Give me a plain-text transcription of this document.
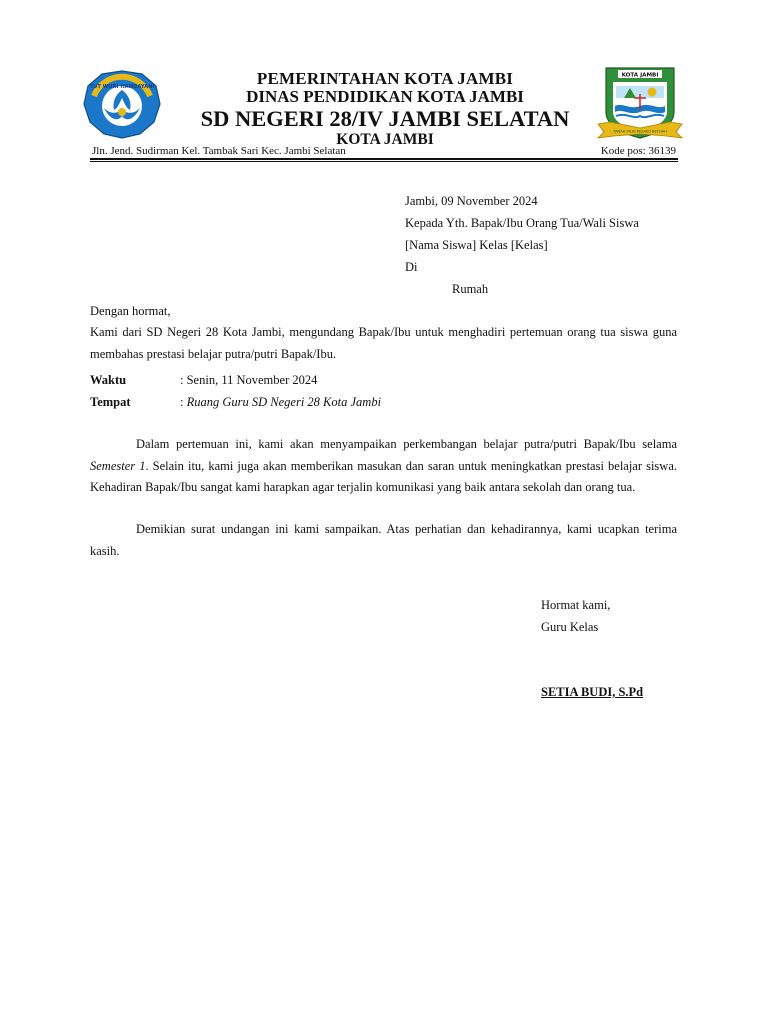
TUT WURI HANDAYANI
KOTA JAMBI
TANAH PILIH PESAKO BETUAH
PEMERINTAHAN KOTA JAMBI
DINAS PENDIDIKAN KOTA JAMBI
SD NEGERI 28/IV JAMBI SELATAN
KOTA JAMBI
Jln. Jend. Sudirman Kel. Tambak Sari Kec. Jambi Selatan	Kode pos: 36139
Jambi, 09 November 2024
Kepada Yth. Bapak/Ibu Orang Tua/Wali Siswa
[Nama Siswa] Kelas [Kelas]
Di
Rumah
Dengan hormat,
Kami dari SD Negeri 28 Kota Jambi, mengundang Bapak/Ibu untuk menghadiri pertemuan orang tua siswa guna membahas prestasi belajar putra/putri Bapak/Ibu.
Waktu	: Senin, 11 November 2024
Tempat	: Ruang Guru SD Negeri 28 Kota Jambi
Dalam pertemuan ini, kami akan menyampaikan perkembangan belajar putra/putri Bapak/Ibu selama Semester 1. Selain itu, kami juga akan memberikan masukan dan saran untuk meningkatkan prestasi belajar siswa. Kehadiran Bapak/Ibu sangat kami harapkan agar terjalin komunikasi yang baik antara sekolah dan orang tua.
Demikian surat undangan ini kami sampaikan. Atas perhatian dan kehadirannya, kami ucapkan terima kasih.
Hormat kami,
Guru Kelas
SETIA BUDI, S.Pd
